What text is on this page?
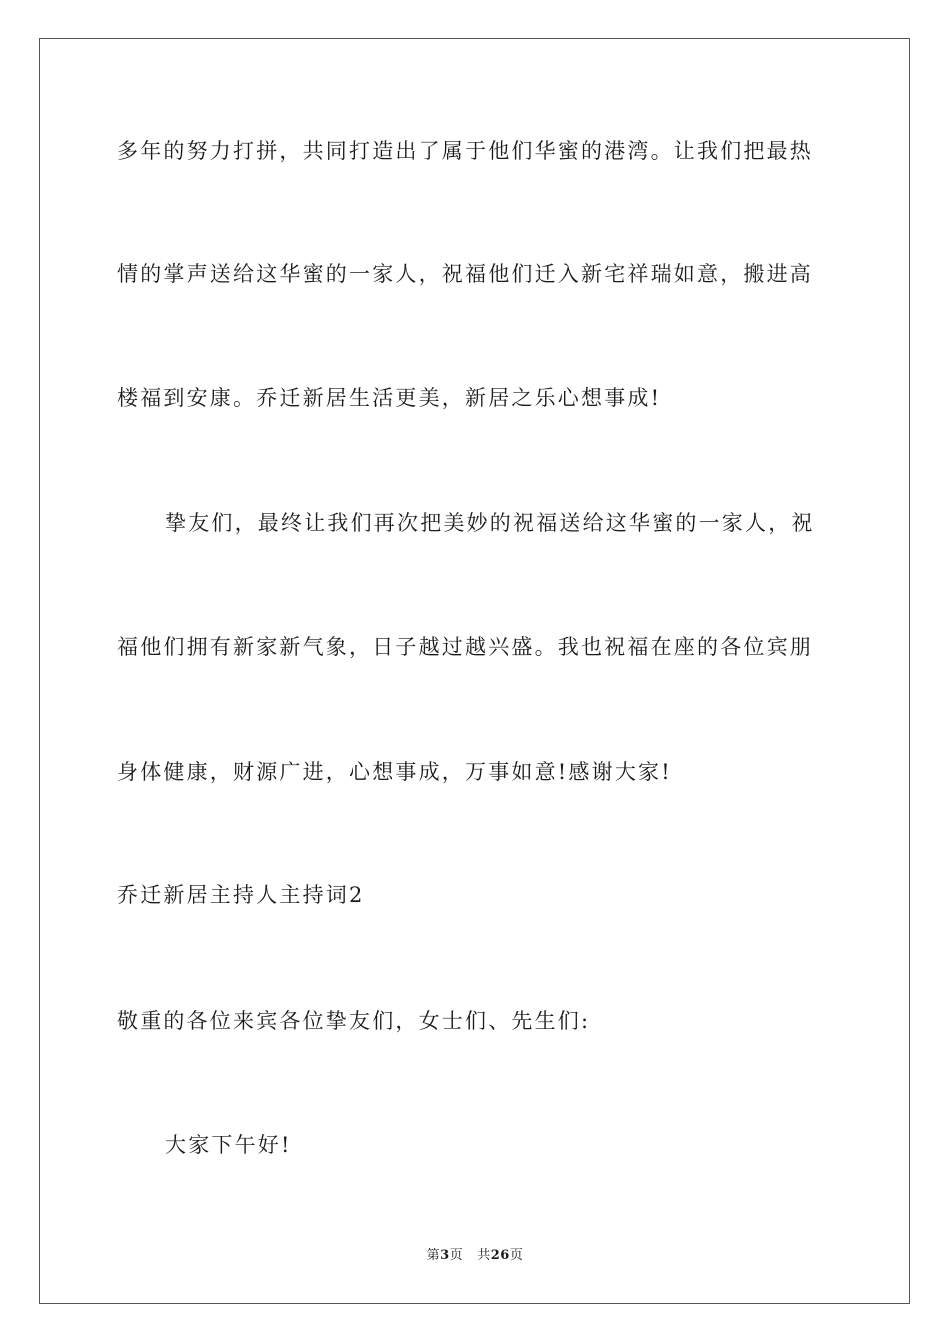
多年的努力打拼，共同打造出了属于他们华蜜的港湾。让我们把最热
情的掌声送给这华蜜的一家人，祝福他们迁入新宅祥瑞如意，搬进高
楼福到安康。乔迁新居生活更美，新居之乐心想事成!
挚友们，最终让我们再次把美妙的祝福送给这华蜜的一家人，祝
福他们拥有新家新气象，日子越过越兴盛。我也祝福在座的各位宾朋
身体健康，财源广进，心想事成，万事如意!感谢大家!
乔迁新居主持人主持词2
敬重的各位来宾各位挚友们，女士们、先生们:
大家下午好!
第3页 共26页
